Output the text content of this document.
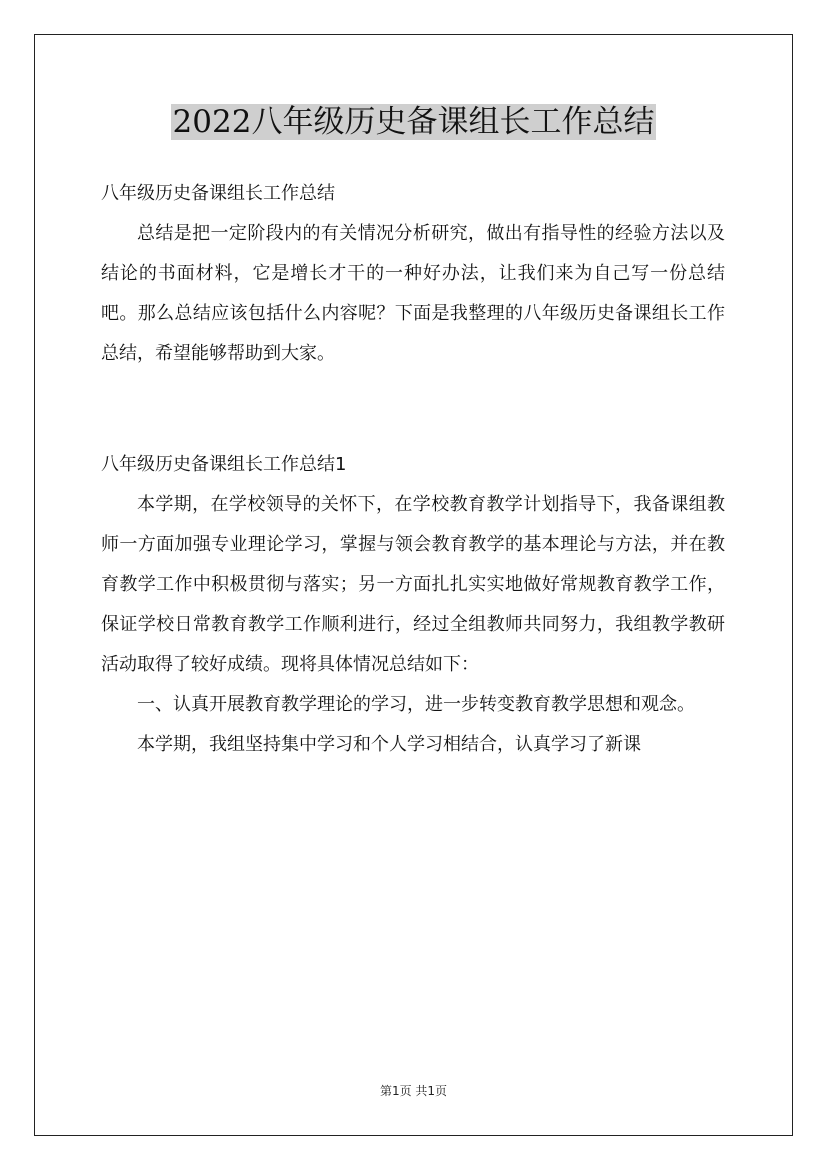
2022八年级历史备课组长工作总结

八年级历史备课组长工作总结

总结是把一定阶段内的有关情况分析研究，做出有指导性的经验方法以及结论的书面材料，它是增长才干的一种好办法，让我们来为自己写一份总结吧。那么总结应该包括什么内容呢？下面是我整理的八年级历史备课组长工作总结，希望能够帮助到大家。

八年级历史备课组长工作总结1

本学期，在学校领导的关怀下，在学校教育教学计划指导下，我备课组教师一方面加强专业理论学习，掌握与领会教育教学的基本理论与方法，并在教育教学工作中积极贯彻与落实；另一方面扎扎实实地做好常规教育教学工作，保证学校日常教育教学工作顺利进行，经过全组教师共同努力，我组教学教研活动取得了较好成绩。现将具体情况总结如下：

一、认真开展教育教学理论的学习，进一步转变教育教学思想和观念。

本学期，我组坚持集中学习和个人学习相结合，认真学习了新课

第1页 共1页
